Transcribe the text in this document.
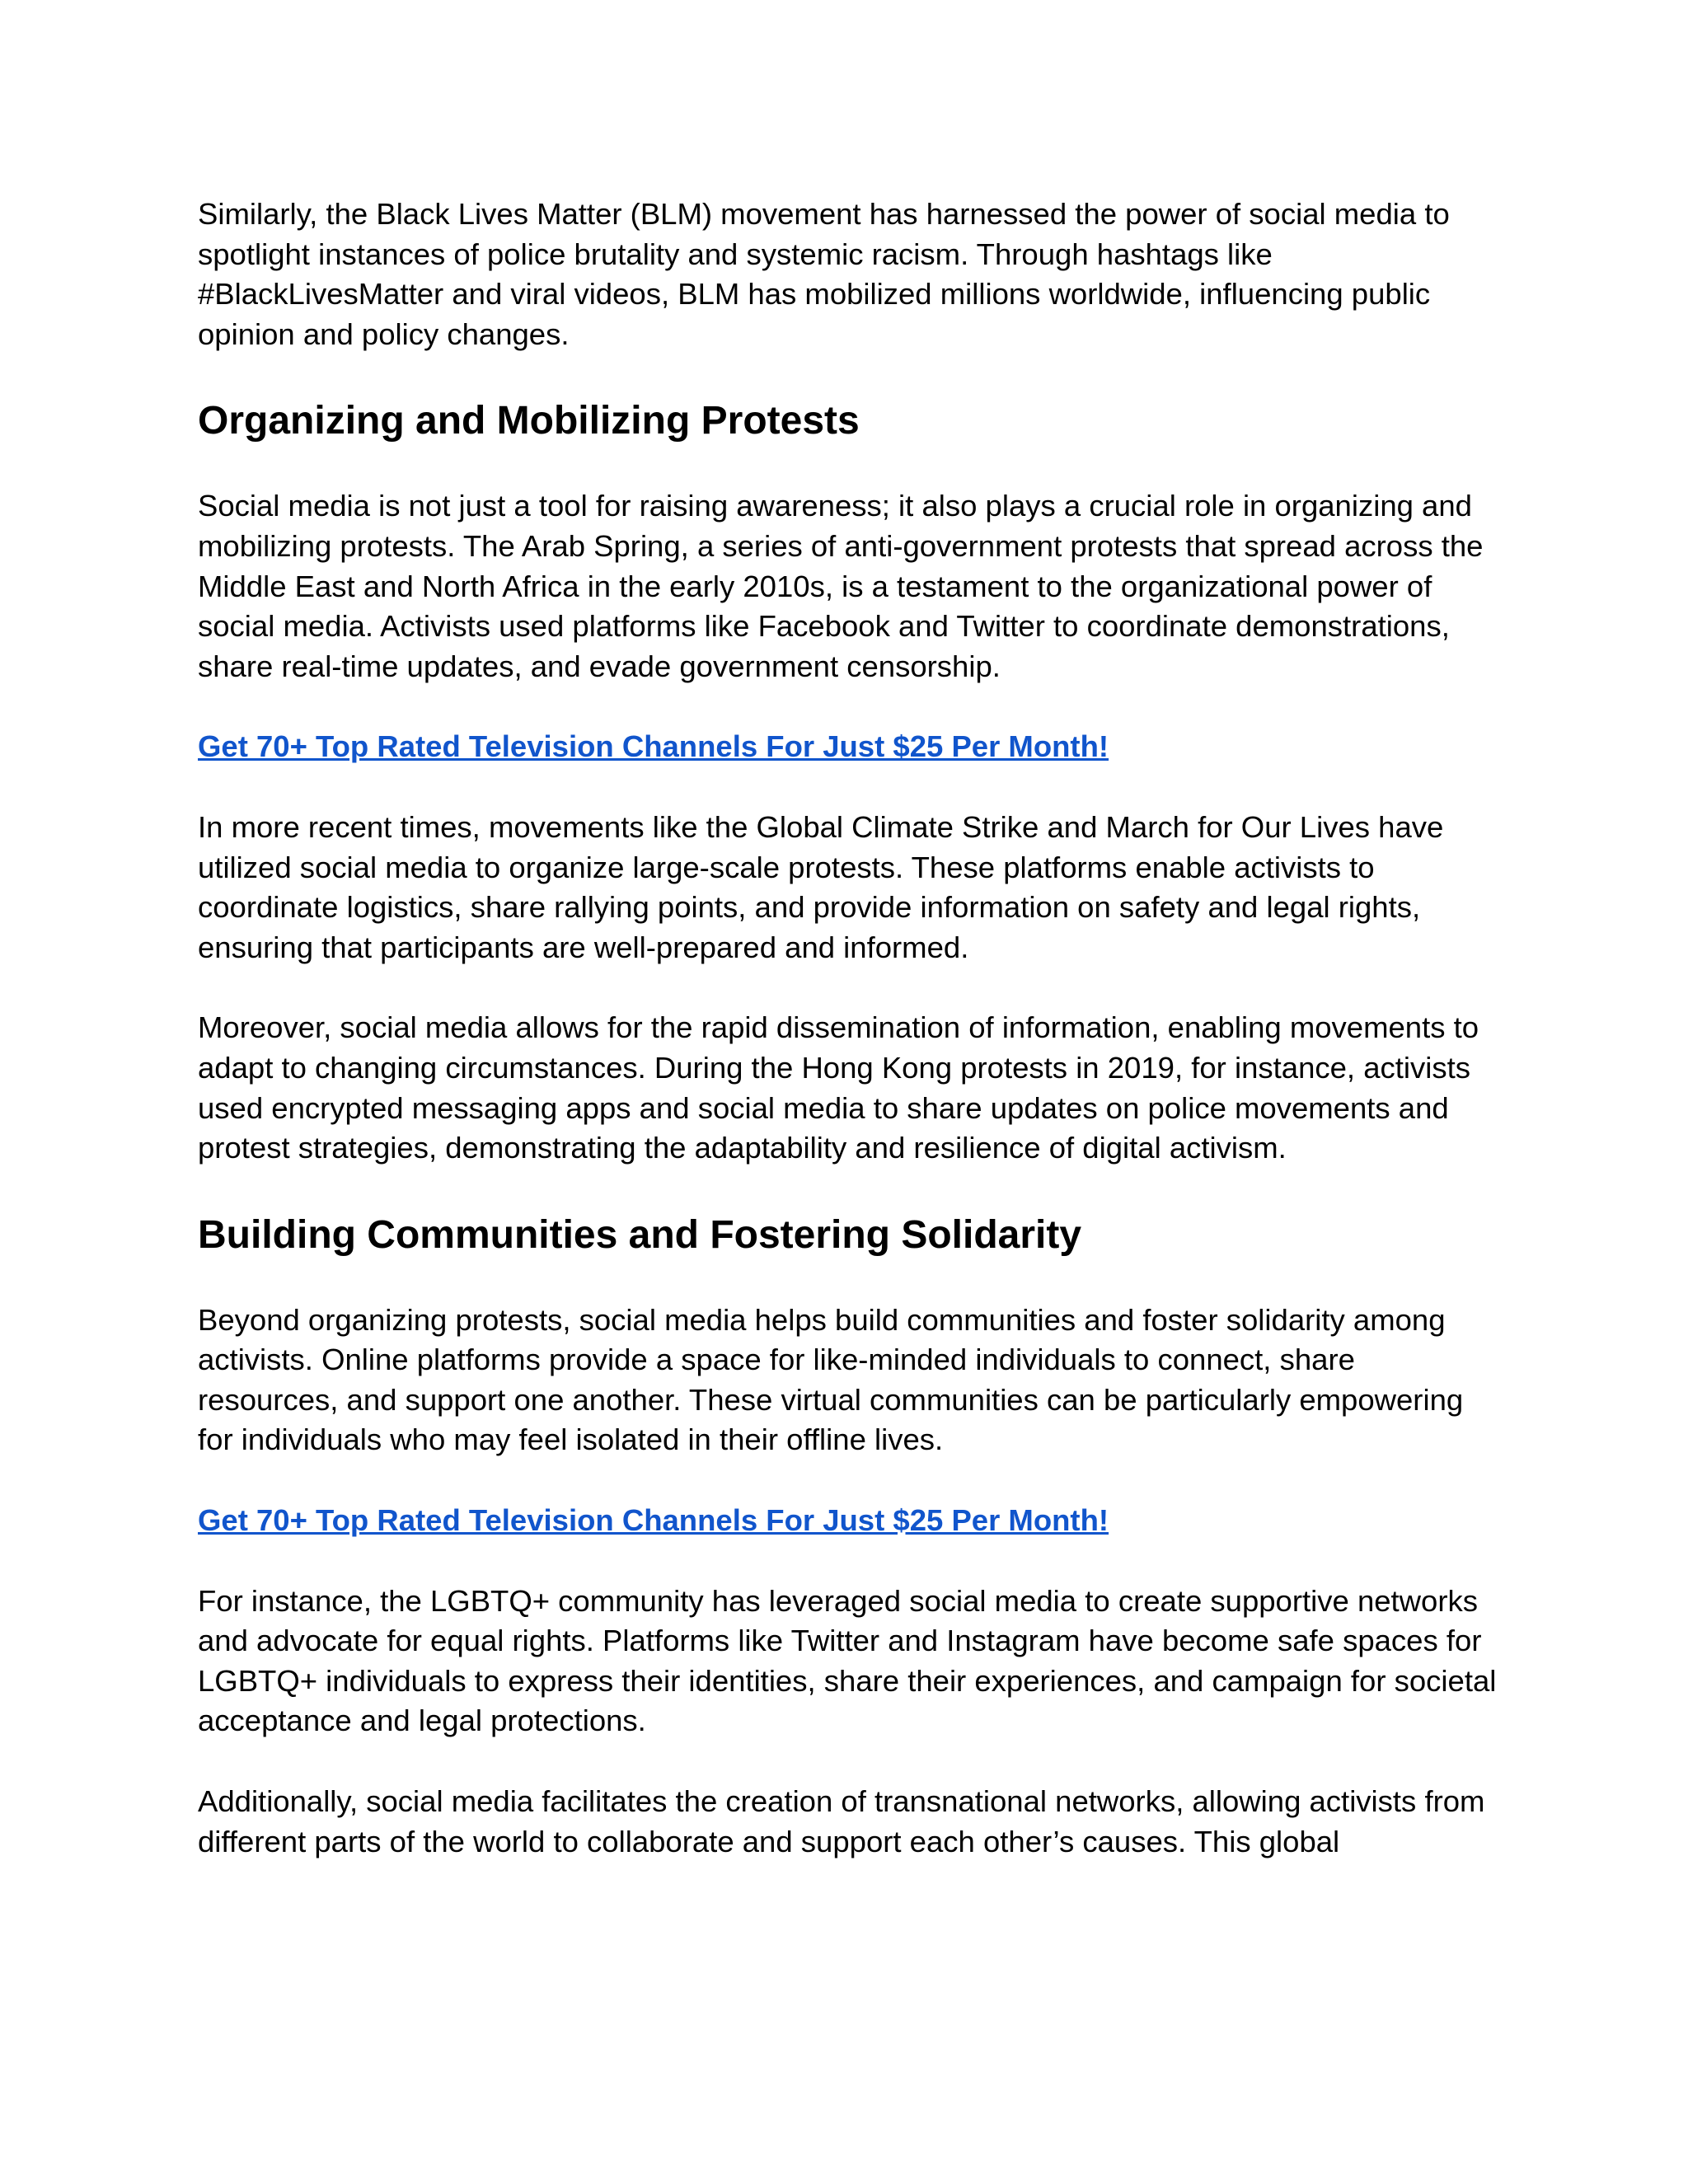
Similarly, the Black Lives Matter (BLM) movement has harnessed the power of social media to spotlight instances of police brutality and systemic racism. Through hashtags like #BlackLivesMatter and viral videos, BLM has mobilized millions worldwide, influencing public opinion and policy changes.

Organizing and Mobilizing Protests

Social media is not just a tool for raising awareness; it also plays a crucial role in organizing and mobilizing protests. The Arab Spring, a series of anti-government protests that spread across the Middle East and North Africa in the early 2010s, is a testament to the organizational power of social media. Activists used platforms like Facebook and Twitter to coordinate demonstrations, share real-time updates, and evade government censorship.

Get 70+ Top Rated Television Channels For Just $25 Per Month!

In more recent times, movements like the Global Climate Strike and March for Our Lives have utilized social media to organize large-scale protests. These platforms enable activists to coordinate logistics, share rallying points, and provide information on safety and legal rights, ensuring that participants are well-prepared and informed.

Moreover, social media allows for the rapid dissemination of information, enabling movements to adapt to changing circumstances. During the Hong Kong protests in 2019, for instance, activists used encrypted messaging apps and social media to share updates on police movements and protest strategies, demonstrating the adaptability and resilience of digital activism.

Building Communities and Fostering Solidarity

Beyond organizing protests, social media helps build communities and foster solidarity among activists. Online platforms provide a space for like-minded individuals to connect, share resources, and support one another. These virtual communities can be particularly empowering for individuals who may feel isolated in their offline lives.

Get 70+ Top Rated Television Channels For Just $25 Per Month!

For instance, the LGBTQ+ community has leveraged social media to create supportive networks and advocate for equal rights. Platforms like Twitter and Instagram have become safe spaces for LGBTQ+ individuals to express their identities, share their experiences, and campaign for societal acceptance and legal protections.

Additionally, social media facilitates the creation of transnational networks, allowing activists from different parts of the world to collaborate and support each other’s causes. This global
